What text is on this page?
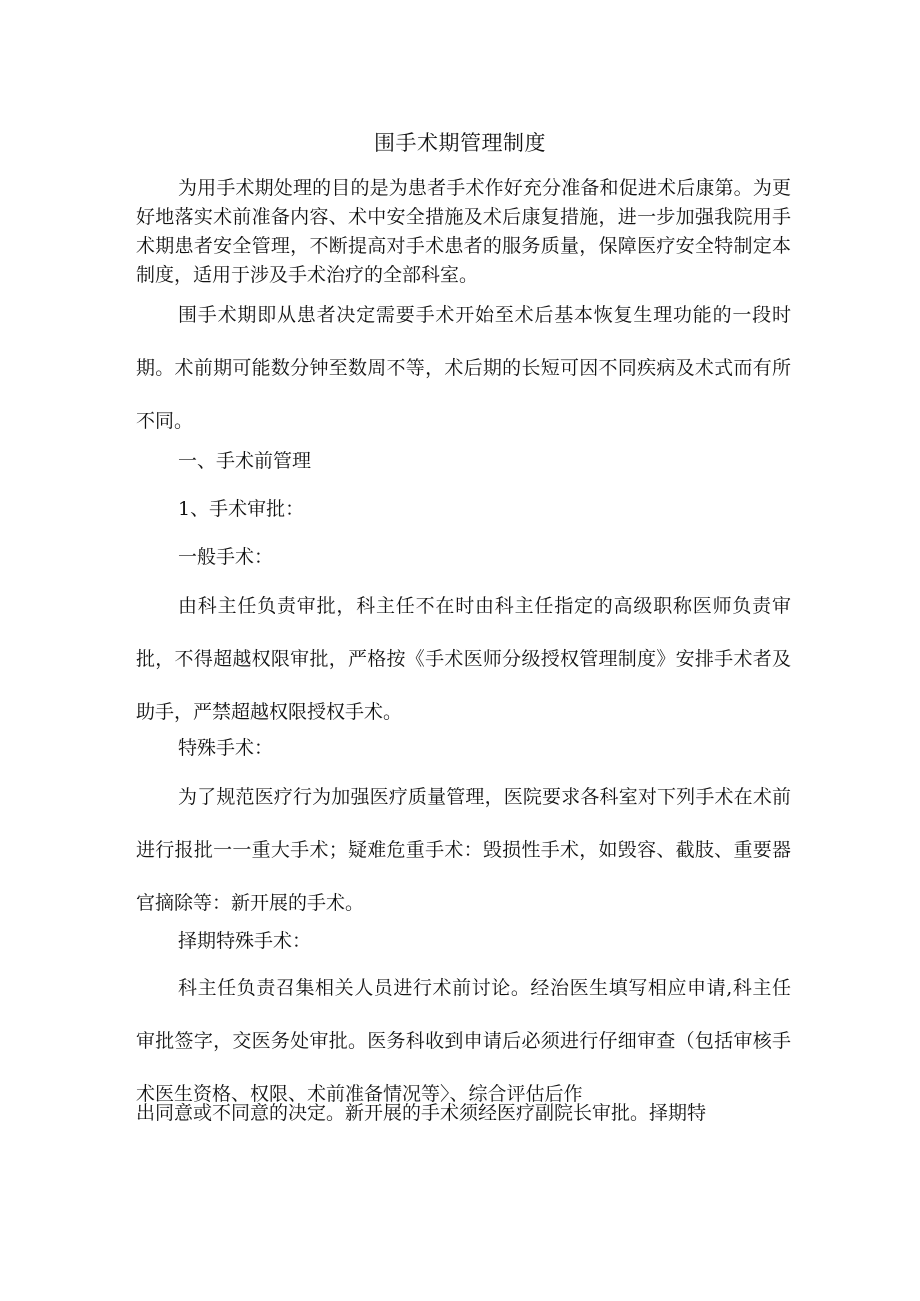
围手术期管理制度

为用手术期处理的目的是为患者手术作好充分准备和促进术后康第。为更好地落实术前准备内容、术中安全措施及术后康复措施，进一步加强我院用手术期患者安全管理，不断提高对手术患者的服务质量，保障医疗安全特制定本制度，适用于涉及手术治疗的全部科室。

围手术期即从患者决定需要手术开始至术后基本恢复生理功能的一段时期。术前期可能数分钟至数周不等，术后期的长短可因不同疾病及术式而有所不同。

一、手术前管理

1、手术审批：

一般手术：

由科主任负责审批，科主任不在时由科主任指定的高级职称医师负责审批，不得超越权限审批，严格按《手术医师分级授权管理制度》安排手术者及助手，严禁超越权限授权手术。

特殊手术：

为了规范医疗行为加强医疗质量管理，医院要求各科室对下列手术在术前进行报批一一重大手术；疑难危重手术：毁损性手术，如毁容、截肢、重要器官摘除等：新开展的手术。

择期特殊手术：

科主任负责召集相关人员进行术前讨论。经治医生填写相应申请,科主任审批签字，交医务处审批。医务科收到申请后必须进行仔细审查（包括审核手术医生资格、权限、术前准备情况等〉、综合评估后作

出同意或不同意的决定。新开展的手术须经医疗副院长审批。择期特
